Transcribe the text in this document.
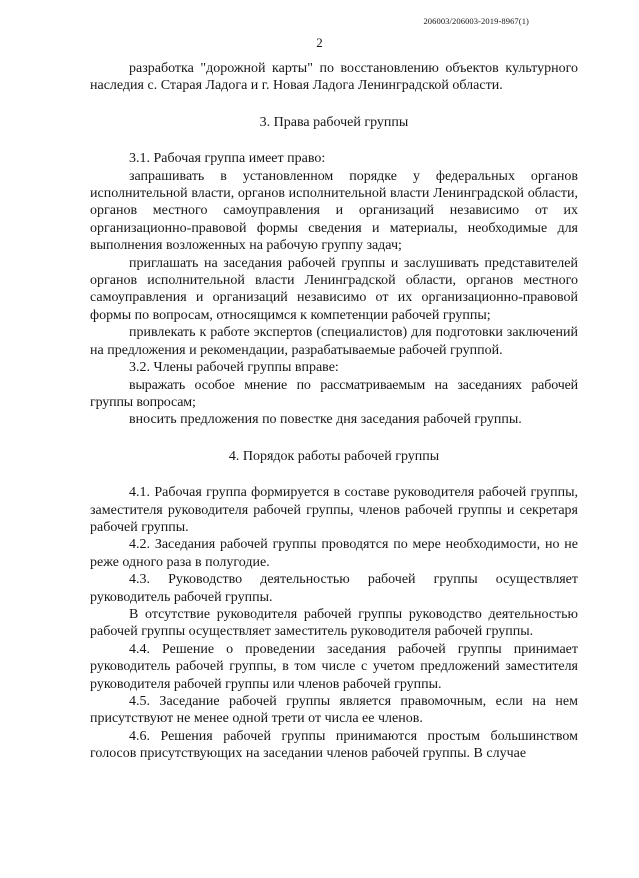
206003/206003-2019-8967(1)
2

разработка "дорожной карты" по восстановлению объектов культурного наследия с. Старая Ладога и г. Новая Ладога Ленинградской области.

3. Права рабочей группы

3.1. Рабочая группа имеет право:

запрашивать в установленном порядке у федеральных органов исполнительной власти, органов исполнительной власти Ленинградской области, органов местного самоуправления и организаций независимо от их организационно-правовой формы сведения и материалы, необходимые для выполнения возложенных на рабочую группу задач;

приглашать на заседания рабочей группы и заслушивать представителей органов исполнительной власти Ленинградской области, органов местного самоуправления и организаций независимо от их организационно-правовой формы по вопросам, относящимся к компетенции рабочей группы;

привлекать к работе экспертов (специалистов) для подготовки заключений на предложения и рекомендации, разрабатываемые рабочей группой.

3.2. Члены рабочей группы вправе:

выражать особое мнение по рассматриваемым на заседаниях рабочей группы вопросам;

вносить предложения по повестке дня заседания рабочей группы.

4. Порядок работы рабочей группы

4.1. Рабочая группа формируется в составе руководителя рабочей группы, заместителя руководителя рабочей группы, членов рабочей группы и секретаря рабочей группы.

4.2. Заседания рабочей группы проводятся по мере необходимости, но не реже одного раза в полугодие.

4.3. Руководство деятельностью рабочей группы осуществляет руководитель рабочей группы.

В отсутствие руководителя рабочей группы руководство деятельностью рабочей группы осуществляет заместитель руководителя рабочей группы.

4.4. Решение о проведении заседания рабочей группы принимает руководитель рабочей группы, в том числе с учетом предложений заместителя руководителя рабочей группы или членов рабочей группы.

4.5. Заседание рабочей группы является правомочным, если на нем присутствуют не менее одной трети от числа ее членов.

4.6. Решения рабочей группы принимаются простым большинством голосов присутствующих на заседании членов рабочей группы. В случае
